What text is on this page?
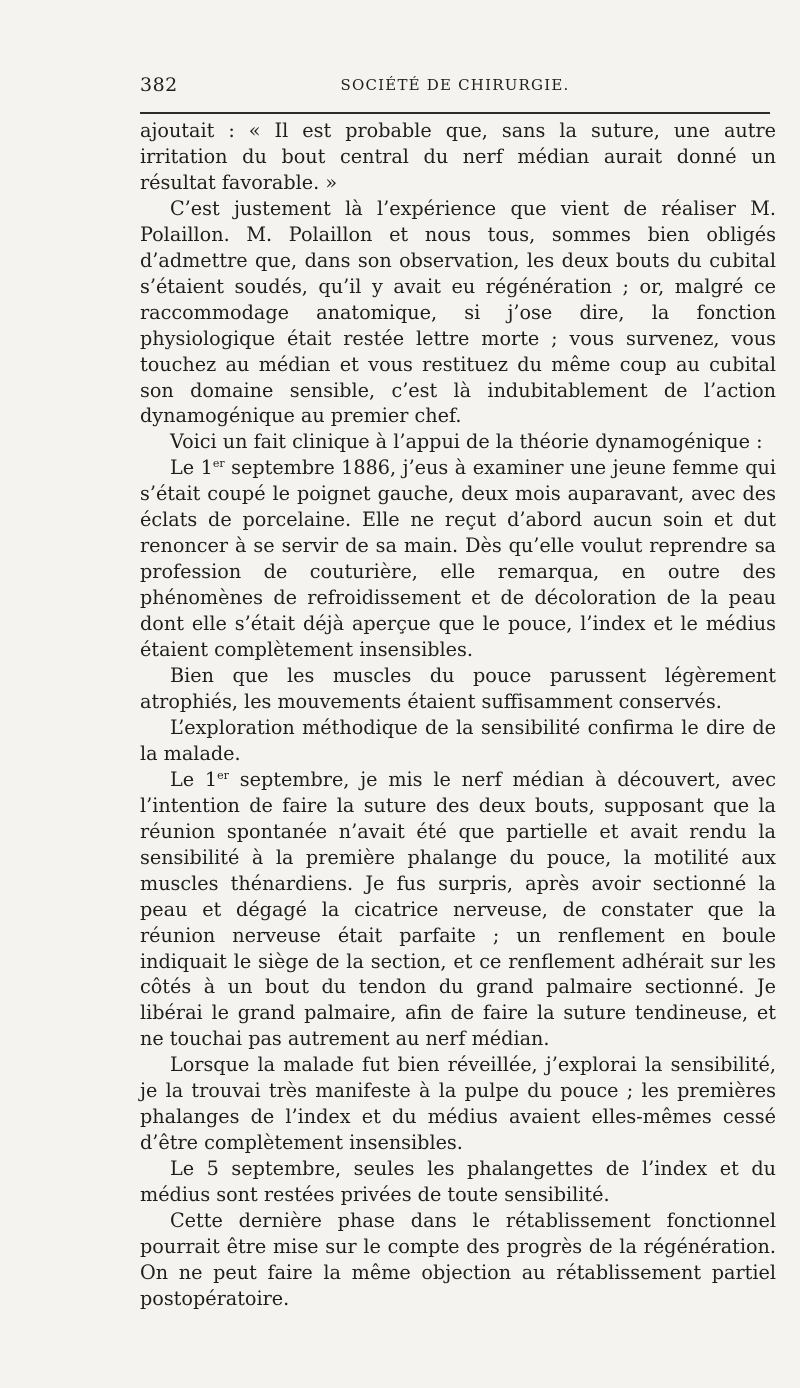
382	SOCIÉTÉ DE CHIRURGIE.

ajoutait : « Il est probable que, sans la suture, une autre irritation du bout central du nerf médian aurait donné un résultat favorable. »

C’est justement là l’expérience que vient de réaliser M. Polaillon. M. Polaillon et nous tous, sommes bien obligés d’admettre que, dans son observation, les deux bouts du cubital s’étaient soudés, qu’il y avait eu régénération ; or, malgré ce raccommodage anatomique, si j’ose dire, la fonction physiologique était restée lettre morte ; vous survenez, vous touchez au médian et vous restituez du même coup au cubital son domaine sensible, c’est là indubitablement de l’action dynamogénique au premier chef.

Voici un fait clinique à l’appui de la théorie dynamogénique :

Le 1er septembre 1886, j’eus à examiner une jeune femme qui s’était coupé le poignet gauche, deux mois auparavant, avec des éclats de porcelaine. Elle ne reçut d’abord aucun soin et dut renoncer à se servir de sa main. Dès qu’elle voulut reprendre sa profession de couturière, elle remarqua, en outre des phénomènes de refroidissement et de décoloration de la peau dont elle s’était déjà aperçue que le pouce, l’index et le médius étaient complètement insensibles.

Bien que les muscles du pouce parussent légèrement atrophiés, les mouvements étaient suffisamment conservés.

L’exploration méthodique de la sensibilité confirma le dire de la malade.

Le 1er septembre, je mis le nerf médian à découvert, avec l’intention de faire la suture des deux bouts, supposant que la réunion spontanée n’avait été que partielle et avait rendu la sensibilité à la première phalange du pouce, la motilité aux muscles thénardiens. Je fus surpris, après avoir sectionné la peau et dégagé la cicatrice nerveuse, de constater que la réunion nerveuse était parfaite ; un renflement en boule indiquait le siège de la section, et ce renflement adhérait sur les côtés à un bout du tendon du grand palmaire sectionné. Je libérai le grand palmaire, afin de faire la suture tendineuse, et ne touchai pas autrement au nerf médian.

Lorsque la malade fut bien réveillée, j’explorai la sensibilité, je la trouvai très manifeste à la pulpe du pouce ; les premières phalanges de l’index et du médius avaient elles-mêmes cessé d’être complètement insensibles.

Le 5 septembre, seules les phalangettes de l’index et du médius sont restées privées de toute sensibilité.

Cette dernière phase dans le rétablissement fonctionnel pourrait être mise sur le compte des progrès de la régénération. On ne peut faire la même objection au rétablissement partiel postopératoire.
